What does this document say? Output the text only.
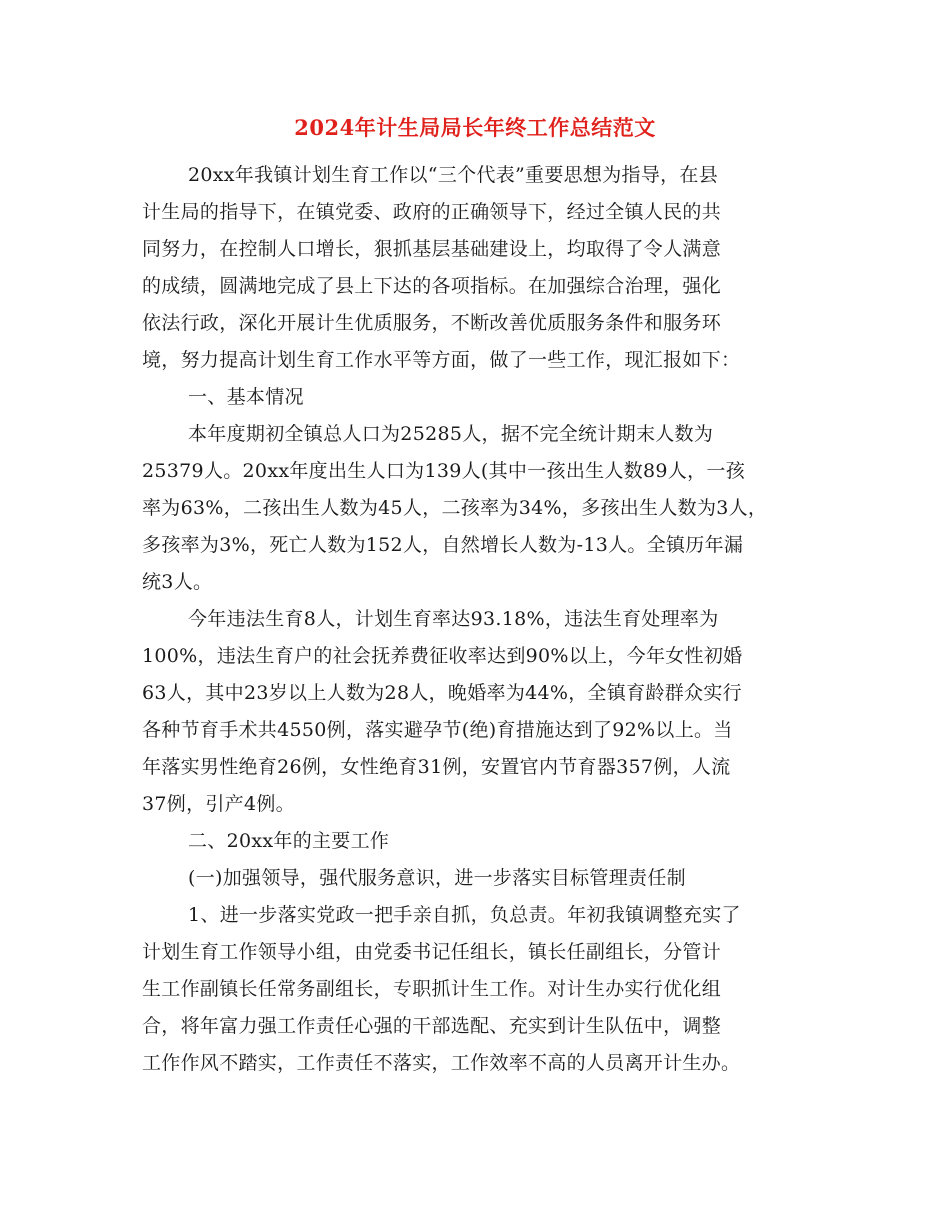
2024年计生局局长年终工作总结范文
20xx年我镇计划生育工作以“三个代表”重要思想为指导，在县
计生局的指导下，在镇党委、政府的正确领导下，经过全镇人民的共
同努力，在控制人口增长，狠抓基层基础建设上，均取得了令人满意
的成绩，圆满地完成了县上下达的各项指标。在加强综合治理，强化
依法行政，深化开展计生优质服务，不断改善优质服务条件和服务环
境，努力提高计划生育工作水平等方面，做了一些工作，现汇报如下：
一、基本情况
本年度期初全镇总人口为25285人，据不完全统计期末人数为
25379人。20xx年度出生人口为139人(其中一孩出生人数89人，一孩
率为63%，二孩出生人数为45人，二孩率为34%，多孩出生人数为3人，
多孩率为3%，死亡人数为152人，自然增长人数为-13人。全镇历年漏
统3人。
今年违法生育8人，计划生育率达93.18%，违法生育处理率为
100%，违法生育户的社会抚养费征收率达到90%以上，今年女性初婚
63人，其中23岁以上人数为28人，晚婚率为44%，全镇育龄群众实行
各种节育手术共4550例，落实避孕节(绝)育措施达到了92%以上。当
年落实男性绝育26例，女性绝育31例，安置官内节育器357例，人流
37例，引产4例。
二、20xx年的主要工作
(一)加强领导，强代服务意识，进一步落实目标管理责任制
1、进一步落实党政一把手亲自抓，负总责。年初我镇调整充实了
计划生育工作领导小组，由党委书记任组长，镇长任副组长，分管计
生工作副镇长任常务副组长，专职抓计生工作。对计生办实行优化组
合，将年富力强工作责任心强的干部选配、充实到计生队伍中，调整
工作作风不踏实，工作责任不落实，工作效率不高的人员离开计生办。
